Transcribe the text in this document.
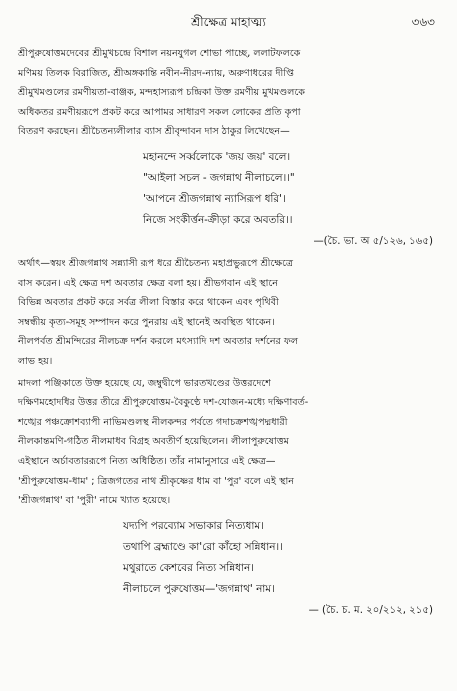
শ্রীক্ষেত্র মাহাত্ম্য	৩৬৩

শ্রীপুরুষোত্তমদেবের শ্রীমুখচন্দ্রে বিশাল নয়নযুগল শোভা পাচ্ছে, ললাটফলকে

মণিময় তিলক বিরাজিত, শ্রীঅঙ্গকান্তি নবীন-নীরদ-ন্যায়, অরুণাধরের দীপ্তি

শ্রীমুখমণ্ডলের রমণীয়তা-বাঞ্জক, মন্দহাস্যরূপ চন্দ্রিকা উক্ত রমণীয় মুখমণ্ডলকে

অধিকতর রমণীয়রূপে প্রকট করে আপামর সাধারণ সকল লোকের প্রতি কৃপা

বিতরণ করছেন। শ্রীচৈতন্যলীলার ব্যাস শ্রীবৃন্দাবন দাস ঠাকুর লিখেছেন—

মহানন্দে সর্ব্বলোকে 'জয় জয়' বলে।

"আইলা সচল - জগন্নাথ নীলাচলে।।"

'আপনে শ্রীজগন্নাথ ন্যাসিরূপ ধরি'।

নিজে সংকীর্ত্তন-ক্রীড়া করে অবতরি।।

—(চৈ. ভা. অ ৫/১২৬, ১৬৫)

অর্থাৎ—স্বয়ং শ্রীজগন্নাথ সন্ন্যাসী রূপ ধরে শ্রীচৈতন্য মহাপ্রভুরূপে শ্রীক্ষেত্রে

বাস করেন। এই ক্ষেত্র দশ অবতার ক্ষেত্র বলা হয়। শ্রীভগবান এই স্থানে

বিভিন্ন অবতার প্রকট করে সর্বত্র লীলা বিস্তার করে থাকেন এবং পৃথিবী

সম্বন্ধীয় কৃত্য-সমূহ সম্পাদন করে পুনরায় এই স্থানেই অবস্থিত থাকেন।

নীলপর্বত শ্রীমন্দিরের নীলচক্র দর্শন করলে মৎস্যাদি দশ অবতার দর্শনের ফল

লাভ হয়।

মাদলা পঞ্জিকাতে উক্ত হয়েছে যে, জম্বুদ্বীপে ভারতখণ্ডের উত্তরদেশে

দক্ষিণমহোদধির উত্তর তীরে শ্রীপুরুষোত্তম-বৈকুণ্ঠে দশ-যোজন-মধ্যে দক্ষিণাবর্ত-

শঙ্খের পঞ্চক্রোশব্যাপী নাভিমণ্ডলস্থ নীলকন্দর পর্বতে গদাচক্রশঙ্খপদ্মধারী

নীলকান্তমণি-গঠিত নীলমাধব বিগ্রহ অবতীর্ণ হয়েছিলেন। লীলাপুরুষোত্তম

এইস্থানে অর্চাবতাররূপে নিত্য অধিষ্ঠিত। তাঁর নামানুসারে এই ক্ষেত্র—

'শ্রীপুরুষোত্তম-ধাম' ; ত্রিজগতের নাথ শ্রীকৃষ্ণের ধাম বা 'পুর' বলে এই স্থান

'শ্রীজগন্নাথ' বা 'পুরী' নামে খ্যাত হয়েছে।

যদ্যপি পরব্যোম সভাকার নিত্যধাম।

তথাপি ব্রহ্মাণ্ডে কা'রো কাঁহো সন্নিধান।।

মথুরাতে কেশবের নিত্য সন্নিধান।

নীলাচলে পুরুষোত্তম—'জগন্নাথ' নাম।

— (চৈ. চ. ম. ২০/২১২, ২১৫)
